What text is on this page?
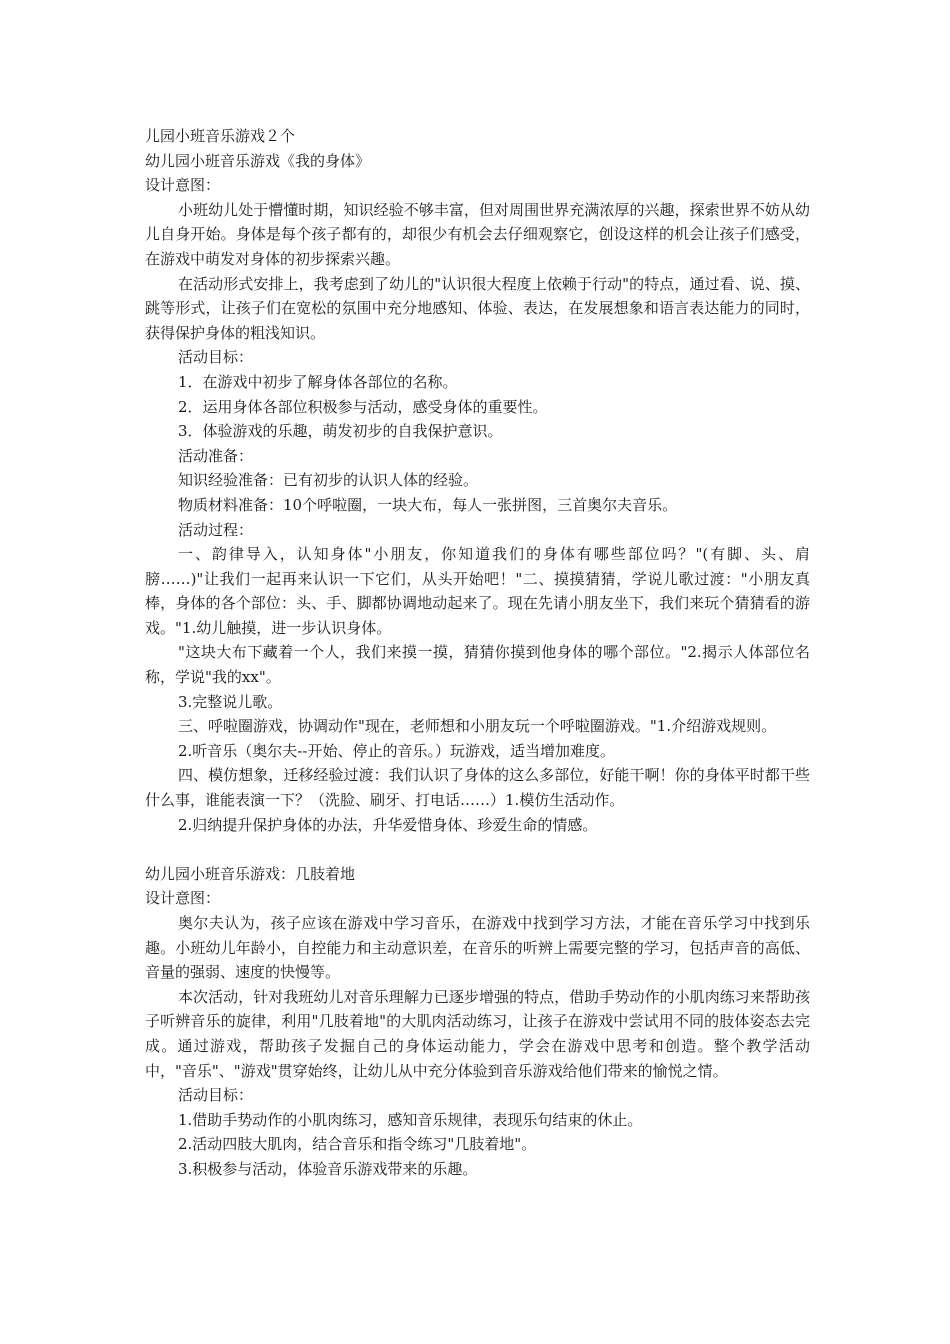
儿园小班音乐游戏２个

幼儿园小班音乐游戏《我的身体》

设计意图：

小班幼儿处于懵懂时期，知识经验不够丰富，但对周围世界充满浓厚的兴趣，探索世界不妨从幼儿自身开始。身体是每个孩子都有的，却很少有机会去仔细观察它，创设这样的机会让孩子们感受，在游戏中萌发对身体的初步探索兴趣。

在活动形式安排上，我考虑到了幼儿的"认识很大程度上依赖于行动"的特点，通过看、说、摸、跳等形式，让孩子们在宽松的氛围中充分地感知、体验、表达，在发展想象和语言表达能力的同时，获得保护身体的粗浅知识。

活动目标：

1．在游戏中初步了解身体各部位的名称。

2．运用身体各部位积极参与活动，感受身体的重要性。

3．体验游戏的乐趣，萌发初步的自我保护意识。

活动准备：

知识经验准备：已有初步的认识人体的经验。

物质材料准备：10个呼啦圈，一块大布，每人一张拼图，三首奥尔夫音乐。

活动过程：

一、韵律导入，认知身体"小朋友，你知道我们的身体有哪些部位吗？"(有脚、头、肩膀……)"让我们一起再来认识一下它们，从头开始吧！"二、摸摸猜猜，学说儿歌过渡："小朋友真棒，身体的各个部位：头、手、脚都协调地动起来了。现在先请小朋友坐下，我们来玩个猜猜看的游戏。"1.幼儿触摸，进一步认识身体。

"这块大布下藏着一个人，我们来摸一摸，猜猜你摸到他身体的哪个部位。"2.揭示人体部位名称，学说"我的xx"。

3.完整说儿歌。

三、呼啦圈游戏，协调动作"现在，老师想和小朋友玩一个呼啦圈游戏。"1.介绍游戏规则。

2.听音乐（奥尔夫--开始、停止的音乐。）玩游戏，适当增加难度。

四、模仿想象，迁移经验过渡：我们认识了身体的这么多部位，好能干啊！你的身体平时都干些什么事，谁能表演一下？（洗脸、刷牙、打电话……）1.模仿生活动作。

2.归纳提升保护身体的办法，升华爱惜身体、珍爱生命的情感。

幼儿园小班音乐游戏：几肢着地

设计意图：

奥尔夫认为，孩子应该在游戏中学习音乐，在游戏中找到学习方法，才能在音乐学习中找到乐趣。小班幼儿年龄小，自控能力和主动意识差，在音乐的听辨上需要完整的学习，包括声音的高低、音量的强弱、速度的快慢等。

本次活动，针对我班幼儿对音乐理解力已逐步增强的特点，借助手势动作的小肌肉练习来帮助孩子听辨音乐的旋律，利用"几肢着地"的大肌肉活动练习，让孩子在游戏中尝试用不同的肢体姿态去完成。通过游戏，帮助孩子发掘自己的身体运动能力，学会在游戏中思考和创造。整个教学活动中，"音乐"、"游戏"贯穿始终，让幼儿从中充分体验到音乐游戏给他们带来的愉悦之情。

活动目标：

1.借助手势动作的小肌肉练习，感知音乐规律，表现乐句结束的休止。

2.活动四肢大肌肉，结合音乐和指令练习"几肢着地"。

3.积极参与活动，体验音乐游戏带来的乐趣。
